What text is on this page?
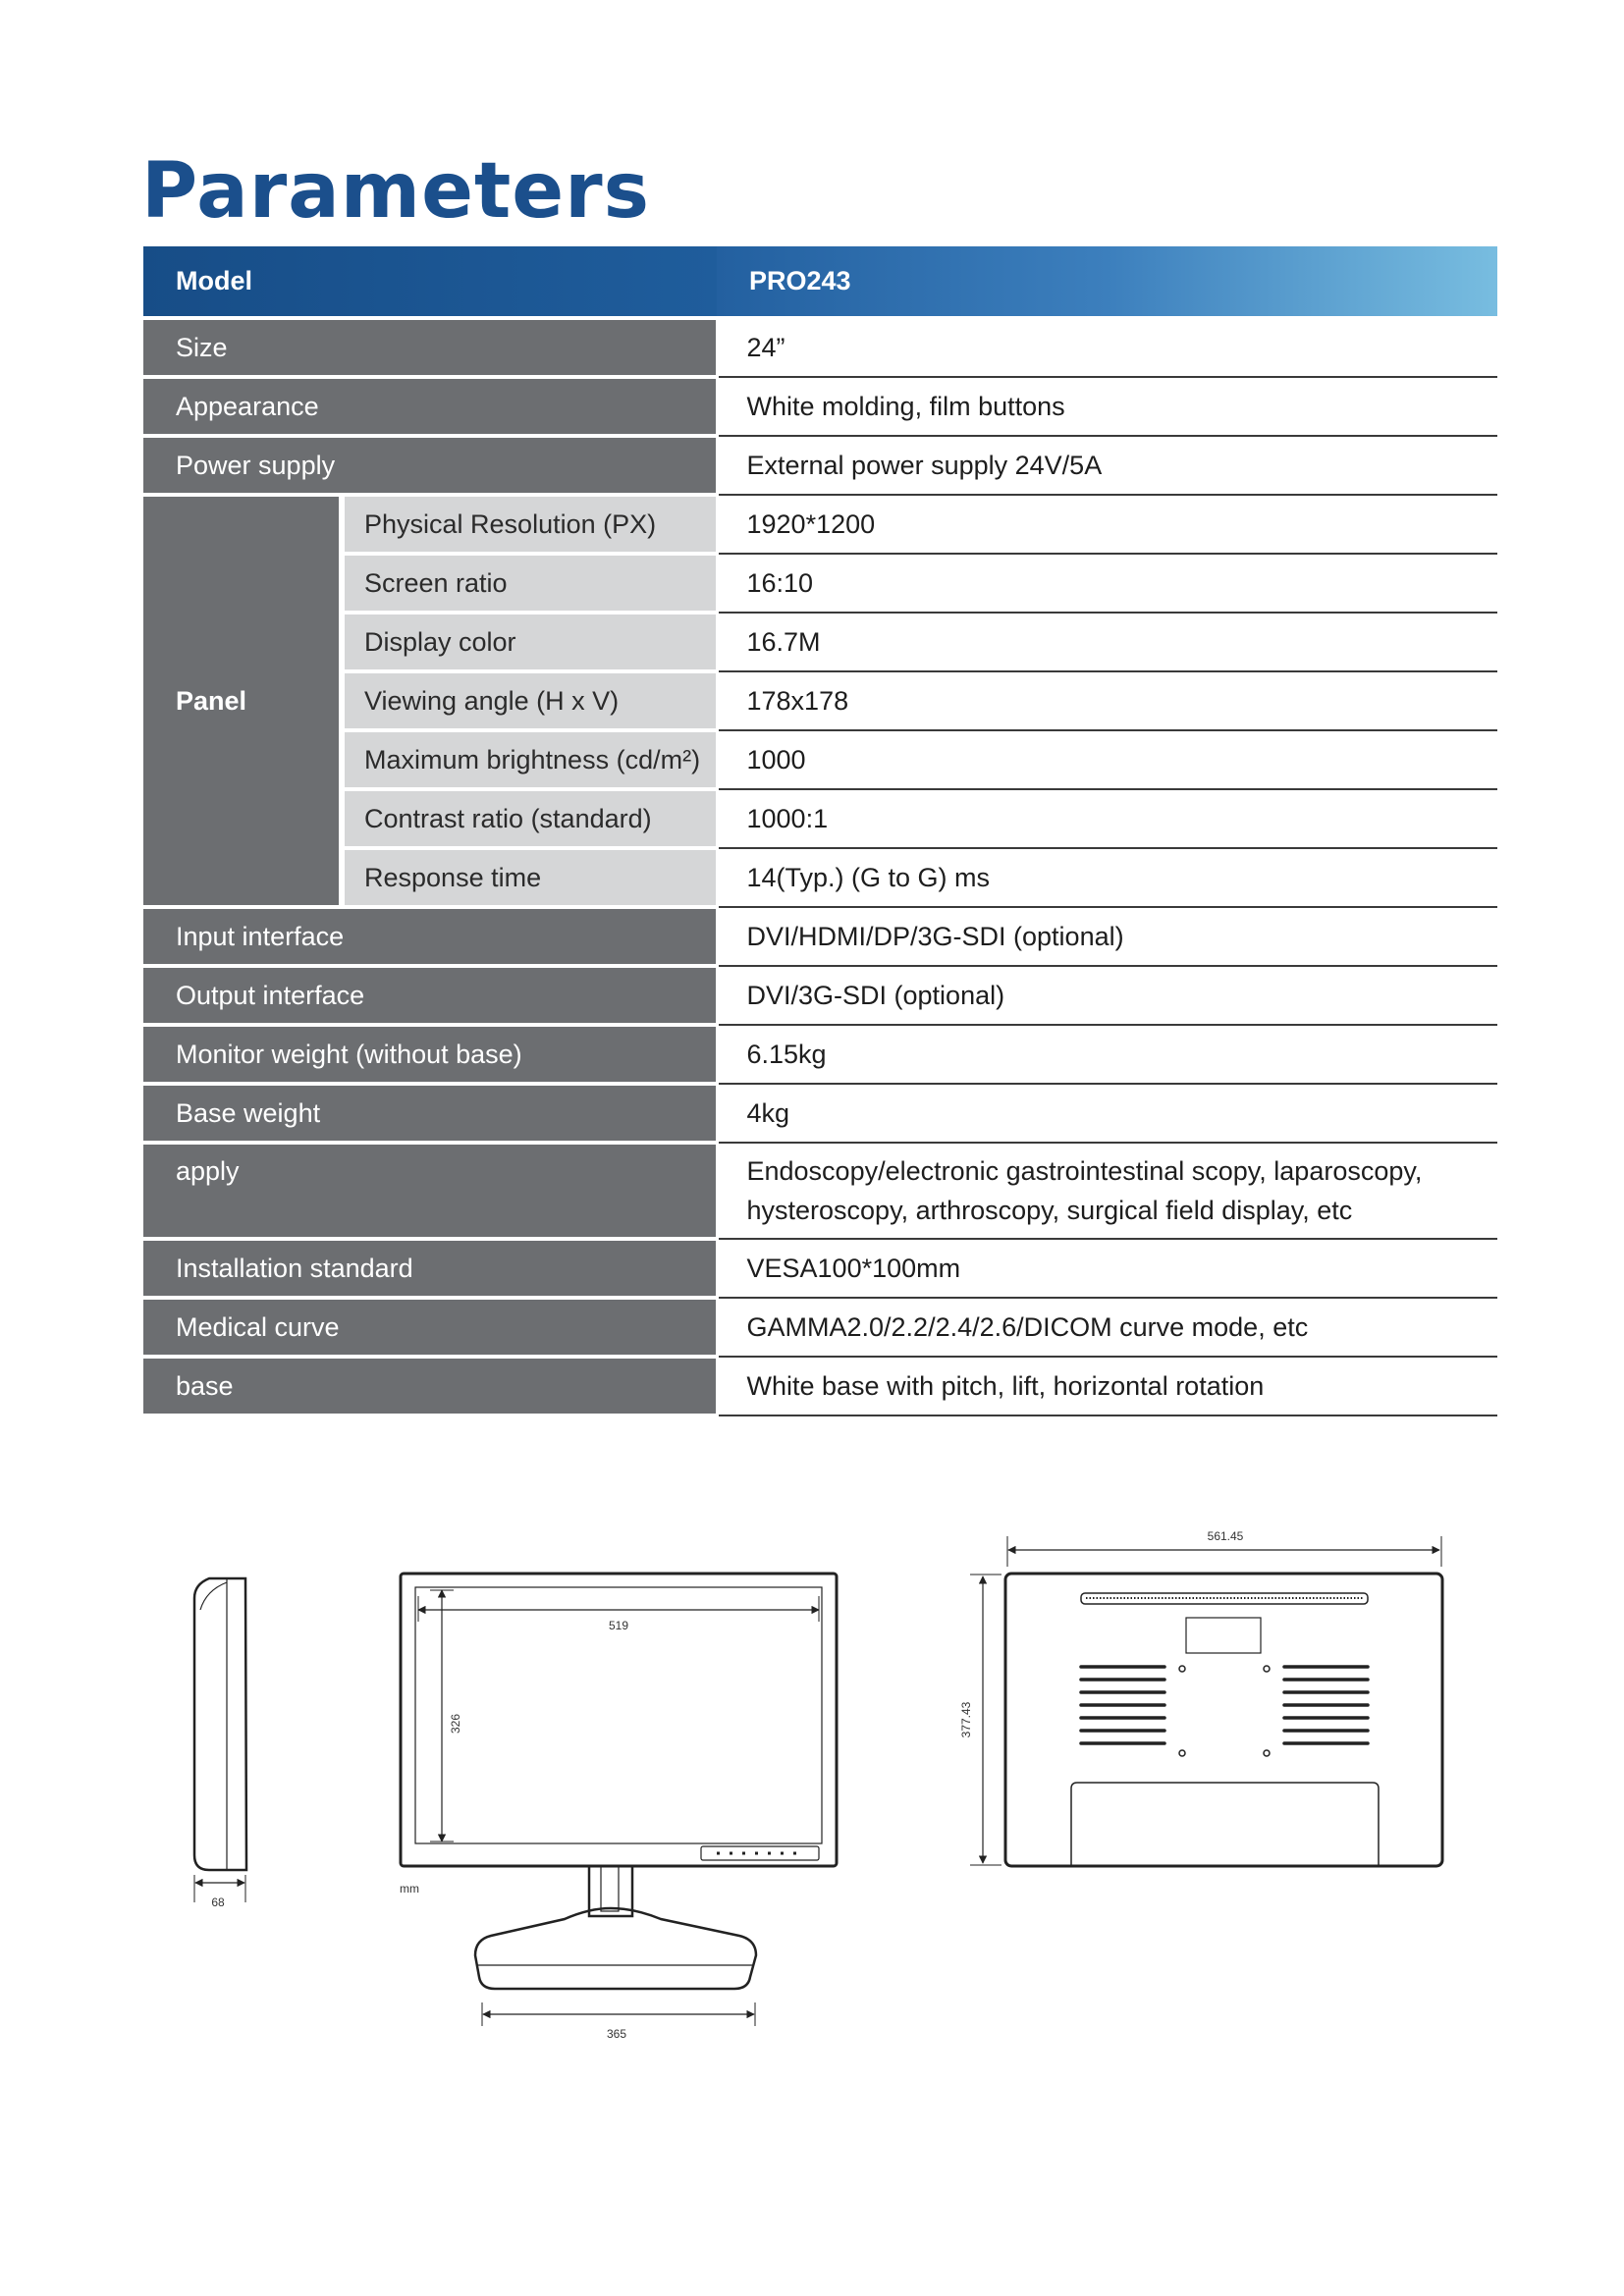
Parameters
Model		PRO243
Size		24”
Appearance		White molding, film buttons
Power supply		External power supply 24V/5A
Panel	Physical Resolution (PX)	1920*1200
	Screen ratio	16:10
	Display color	16.7M
	Viewing angle (H x V)	178x178
	Maximum brightness (cd/m²)	1000
	Contrast ratio (standard)	1000:1
	Response time	14(Typ.) (G to G) ms
Input interface		DVI/HDMI/DP/3G-SDI (optional)
Output interface		DVI/3G-SDI (optional)
Monitor weight (without base)		6.15kg
Base weight		4kg
apply		Endoscopy/electronic gastrointestinal scopy, laparoscopy, hysteroscopy, arthroscopy, surgical field display, etc
Installation standard		VESA100*100mm
Medical curve		GAMMA2.0/2.2/2.4/2.6/DICOM curve mode, etc
base		White base with pitch, lift, horizontal rotation
68
519
326
mm
365
561.45
377.43
